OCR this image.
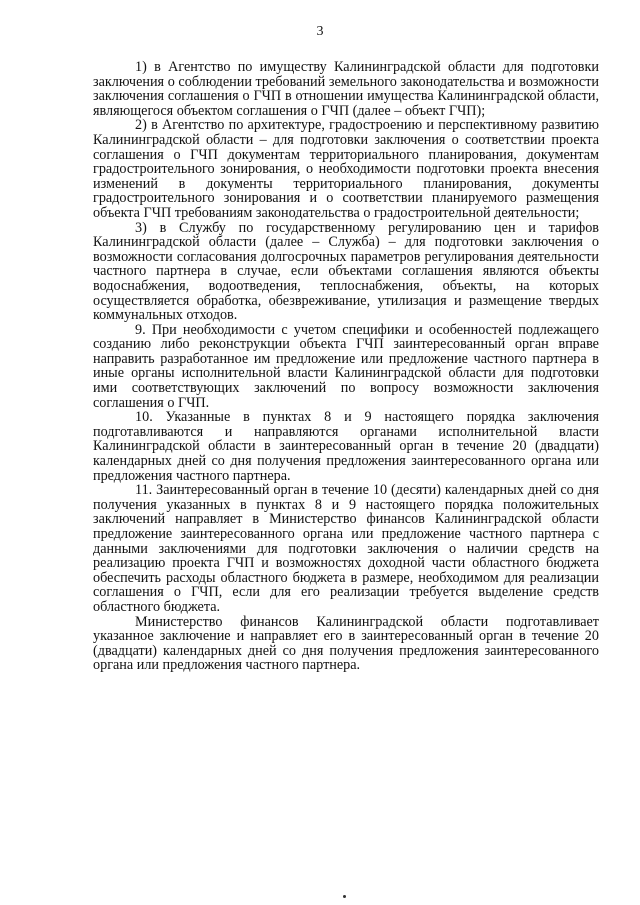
3

1) в Агентство по имуществу Калининградской области для подготовки заключения о соблюдении требований земельного законодательства и возможности заключения соглашения о ГЧП в отношении имущества Калининградской области, являющегося объектом соглашения о ГЧП (далее – объект ГЧП);

2) в Агентство по архитектуре, градостроению и перспективному развитию Калининградской области – для подготовки заключения о соответствии проекта соглашения о ГЧП документам территориального планирования, документам градостроительного зонирования, о необходимости подготовки проекта внесения изменений в документы территориального планирования, документы градостроительного зонирования и о соответствии планируемого размещения объекта ГЧП требованиям законодательства о градостроительной деятельности;

3) в Службу по государственному регулированию цен и тарифов Калининградской области (далее – Служба) – для подготовки заключения о возможности согласования долгосрочных параметров регулирования деятельности частного партнера в случае, если объектами соглашения являются объекты водоснабжения, водоотведения, теплоснабжения, объекты, на которых осуществляется обработка, обезвреживание, утилизация и размещение твердых коммунальных отходов.

9. При необходимости с учетом специфики и особенностей подлежащего созданию либо реконструкции объекта ГЧП заинтересованный орган вправе направить разработанное им предложение или предложение частного партнера в иные органы исполнительной власти Калининградской области для подготовки ими соответствующих заключений по вопросу возможности заключения соглашения о ГЧП.

10. Указанные в пунктах 8 и 9 настоящего порядка заключения подготавливаются и направляются органами исполнительной власти Калининградской области в заинтересованный орган в течение 20 (двадцати) календарных дней со дня получения предложения заинтересованного органа или предложения частного партнера.

11. Заинтересованный орган в течение 10 (десяти) календарных дней со дня получения указанных в пунктах 8 и 9 настоящего порядка положительных заключений направляет в Министерство финансов Калининградской области предложение заинтересованного органа или предложение частного партнера с данными заключениями для подготовки заключения о наличии средств на реализацию проекта ГЧП и возможностях доходной части областного бюджета обеспечить расходы областного бюджета в размере, необходимом для реализации соглашения о ГЧП, если для его реализации требуется выделение средств областного бюджета.

Министерство финансов Калининградской области подготавливает указанное заключение и направляет его в заинтересованный орган в течение 20 (двадцати) календарных дней со дня получения предложения заинтересованного органа или предложения частного партнера.
